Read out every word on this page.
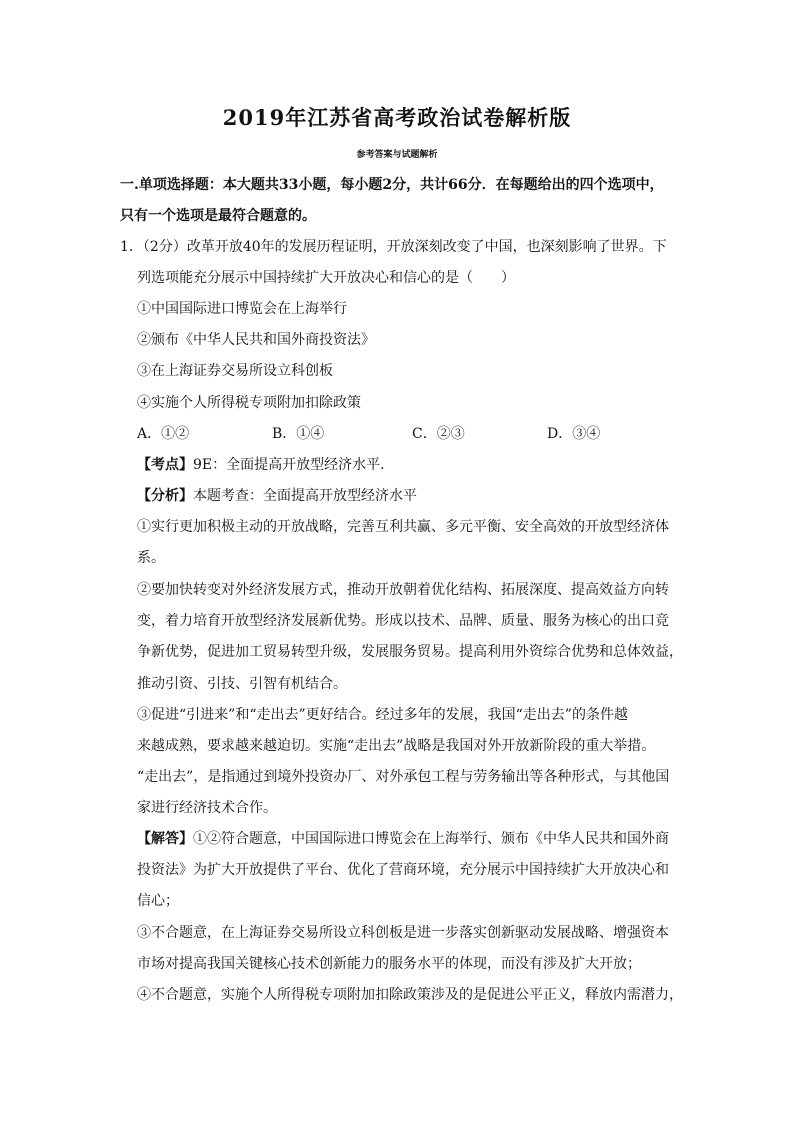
2019年江苏省高考政治试卷解析版
参考答案与试题解析
一.单项选择题：本大题共33小题，每小题2分，共计66分．在每题给出的四个选项中，
只有一个选项是最符合题意的。
1．（2分）改革开放40年的发展历程证明，开放深刻改变了中国，也深刻影响了世界。下
列选项能充分展示中国持续扩大开放决心和信心的是（　　）
①中国国际进口博览会在上海举行
②颁布《中华人民共和国外商投资法》
③在上海证券交易所设立科创板
④实施个人所得税专项附加扣除政策
A．①②	B．①④	C．②③	D．③④
【考点】9E：全面提高开放型经济水平．
【分析】本题考查：全面提高开放型经济水平
①实行更加积极主动的开放战略，完善互利共赢、多元平衡、安全高效的开放型经济体
系。
②要加快转变对外经济发展方式，推动开放朝着优化结构、拓展深度、提高效益方向转
变，着力培育开放型经济发展新优势。形成以技术、品牌、质量、服务为核心的出口竞
争新优势，促进加工贸易转型升级，发展服务贸易。提高利用外资综合优势和总体效益，
推动引资、引技、引智有机结合。
③促进“引进来”和“走出去”更好结合。经过多年的发展，我国“走出去”的条件越
来越成熟，要求越来越迫切。实施“走出去”战略是我国对外开放新阶段的重大举措。
“走出去”，是指通过到境外投资办厂、对外承包工程与劳务输出等各种形式，与其他国
家进行经济技术合作。
【解答】①②符合题意，中国国际进口博览会在上海举行、颁布《中华人民共和国外商
投资法》为扩大开放提供了平台、优化了营商环境，充分展示中国持续扩大开放决心和
信心；
③不合题意，在上海证券交易所设立科创板是进一步落实创新驱动发展战略、增强资本
市场对提高我国关键核心技术创新能力的服务水平的体现，而没有涉及扩大开放；
④不合题意，实施个人所得税专项附加扣除政策涉及的是促进公平正义，释放内需潜力，
